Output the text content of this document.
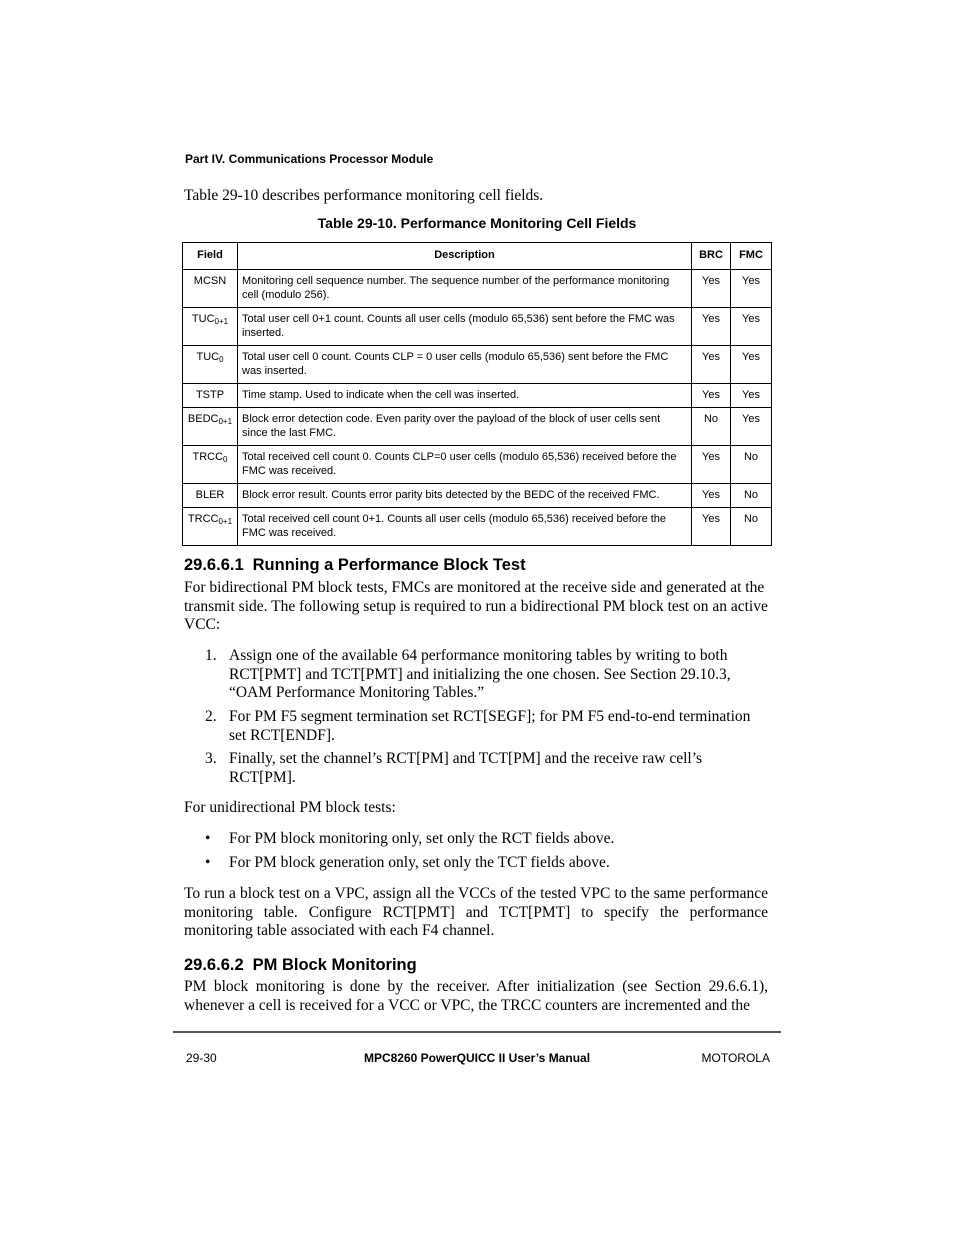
Part IV. Communications Processor Module
Table 29-10 describes performance monitoring cell fields.
Table 29-10. Performance Monitoring Cell Fields
Field	Description	BRC	FMC
MCSN	Monitoring cell sequence number. The sequence number of the performance monitoring cell (modulo 256).	Yes	Yes
$TUC_{0+1}$	Total user cell 0+1 count. Counts all user cells (modulo 65,536) sent before the FMC was inserted.	Yes	Yes
$TUC_0$	Total user cell 0 count. Counts CLP = 0 user cells (modulo 65,536) sent before the FMC was inserted.	Yes	Yes
TSTP	Time stamp. Used to indicate when the cell was inserted.	Yes	Yes
$BEDC_{0+1}$	Block error detection code. Even parity over the payload of the block of user cells sent since the last FMC.	No	Yes
$TRCC_0$	Total received cell count 0. Counts CLP=0 user cells (modulo 65,536) received before the FMC was received.	Yes	No
BLER	Block error result. Counts error parity bits detected by the BEDC of the received FMC.	Yes	No
$TRCC_{0+1}$	Total received cell count 0+1. Counts all user cells (modulo 65,536) received before the FMC was received.	Yes	No
29.6.6.1 Running a Performance Block Test

For bidirectional PM block tests, FMCs are monitored at the receive side and generated at the transmit side. The following setup is required to run a bidirectional PM block test on an active VCC:

1. Assign one of the available 64 performance monitoring tables by writing to both RCT[PMT] and TCT[PMT] and initializing the one chosen. See Section 29.10.3, “OAM Performance Monitoring Tables.”
2. For PM F5 segment termination set RCT[SEGF]; for PM F5 end-to-end termination set RCT[ENDF].
3. Finally, set the channel’s RCT[PM] and TCT[PM] and the receive raw cell’s RCT[PM].

For unidirectional PM block tests:

• For PM block monitoring only, set only the RCT fields above.
• For PM block generation only, set only the TCT fields above.

To run a block test on a VPC, assign all the VCCs of the tested VPC to the same performance monitoring table. Configure RCT[PMT] and TCT[PMT] to specify the performance monitoring table associated with each F4 channel.

29.6.6.2 PM Block Monitoring

PM block monitoring is done by the receiver. After initialization (see Section 29.6.6.1), whenever a cell is received for a VCC or VPC, the TRCC counters are incremented and the

29-30	MPC8260 PowerQUICC II User’s Manual	MOTOROLA
